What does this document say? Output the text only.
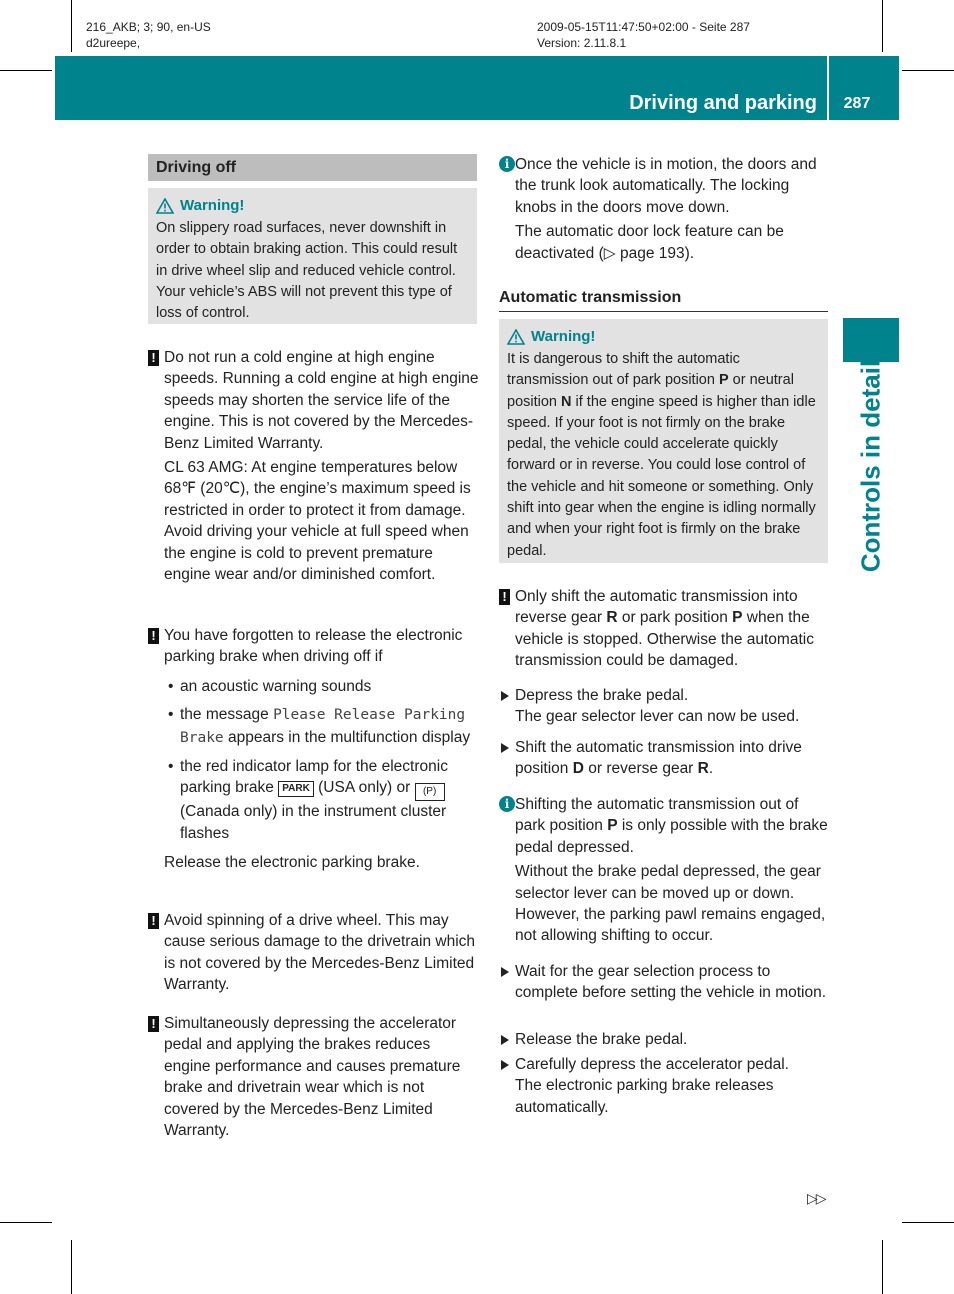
216_AKB; 3; 90, en-US
d2ureepe,
2009-05-15T11:47:50+02:00 - Seite 287
Version: 2.11.8.1
Driving and parking	287
Controls in detail
Driving off
Warning!
On slippery road surfaces, never downshift in order to obtain braking action. This could result in drive wheel slip and reduced vehicle control. Your vehicle’s ABS will not prevent this type of loss of control.
! Do not run a cold engine at high engine speeds. Running a cold engine at high engine speeds may shorten the service life of the engine. This is not covered by the Mercedes-Benz Limited Warranty.

CL 63 AMG: At engine temperatures below 68℉ (20℃), the engine’s maximum speed is restricted in order to protect it from damage. Avoid driving your vehicle at full speed when the engine is cold to prevent premature engine wear and/or diminished comfort.

! You have forgotten to release the electronic parking brake when driving off if

• an acoustic warning sounds
• the message Please Release Parking Brake appears in the multifunction display
• the red indicator lamp for the electronic parking brake PARK (USA only) or (P) (Canada only) in the instrument cluster flashes

Release the electronic parking brake.

! Avoid spinning of a drive wheel. This may cause serious damage to the drivetrain which is not covered by the Mercedes-Benz Limited Warranty.

! Simultaneously depressing the accelerator pedal and applying the brakes reduces engine performance and causes premature brake and drivetrain wear which is not covered by the Mercedes-Benz Limited Warranty.

i Once the vehicle is in motion, the doors and the trunk look automatically. The locking knobs in the doors move down.

The automatic door lock feature can be deactivated (▷ page 193).

Automatic transmission
Warning!
It is dangerous to shift the automatic transmission out of park position P or neutral position N if the engine speed is higher than idle speed. If your foot is not firmly on the brake pedal, the vehicle could accelerate quickly forward or in reverse. You could lose control of the vehicle and hit someone or something. Only shift into gear when the engine is idling normally and when your right foot is firmly on the brake pedal.
! Only shift the automatic transmission into reverse gear R or park position P when the vehicle is stopped. Otherwise the automatic transmission could be damaged.

Depress the brake pedal.
The gear selector lever can now be used.
Shift the automatic transmission into drive position D or reverse gear R.
i Shifting the automatic transmission out of park position P is only possible with the brake pedal depressed.

Without the brake pedal depressed, the gear selector lever can be moved up or down. However, the parking pawl remains engaged, not allowing shifting to occur.

Wait for the gear selection process to complete before setting the vehicle in motion.
Release the brake pedal.
Carefully depress the accelerator pedal.
The electronic parking brake releases automatically.
▷▷
